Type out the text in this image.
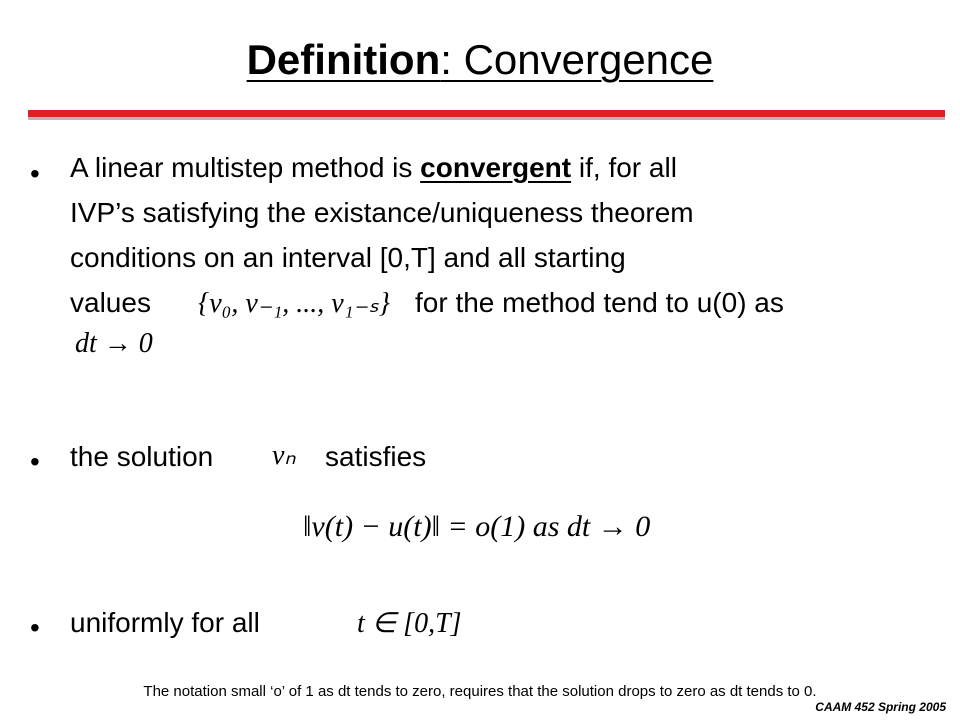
Definition: Convergence
• A linear multistep method is convergent if, for all
IVP’s satisfying the existance/uniqueness theorem
conditions on an interval [0,T] and all starting
values {v₀, v₋₁, ..., v₁₋ₛ} for the method tend to u(0) as
dt → 0
• the solution vₙ satisfies
‖v(t) − u(t)‖ = o(1) as dt → 0
• uniformly for all	t ∈ [0,T]
The notation small ‘o’ of 1 as dt tends to zero, requires that the solution drops to zero as dt tends to 0.
CAAM 452 Spring 2005
